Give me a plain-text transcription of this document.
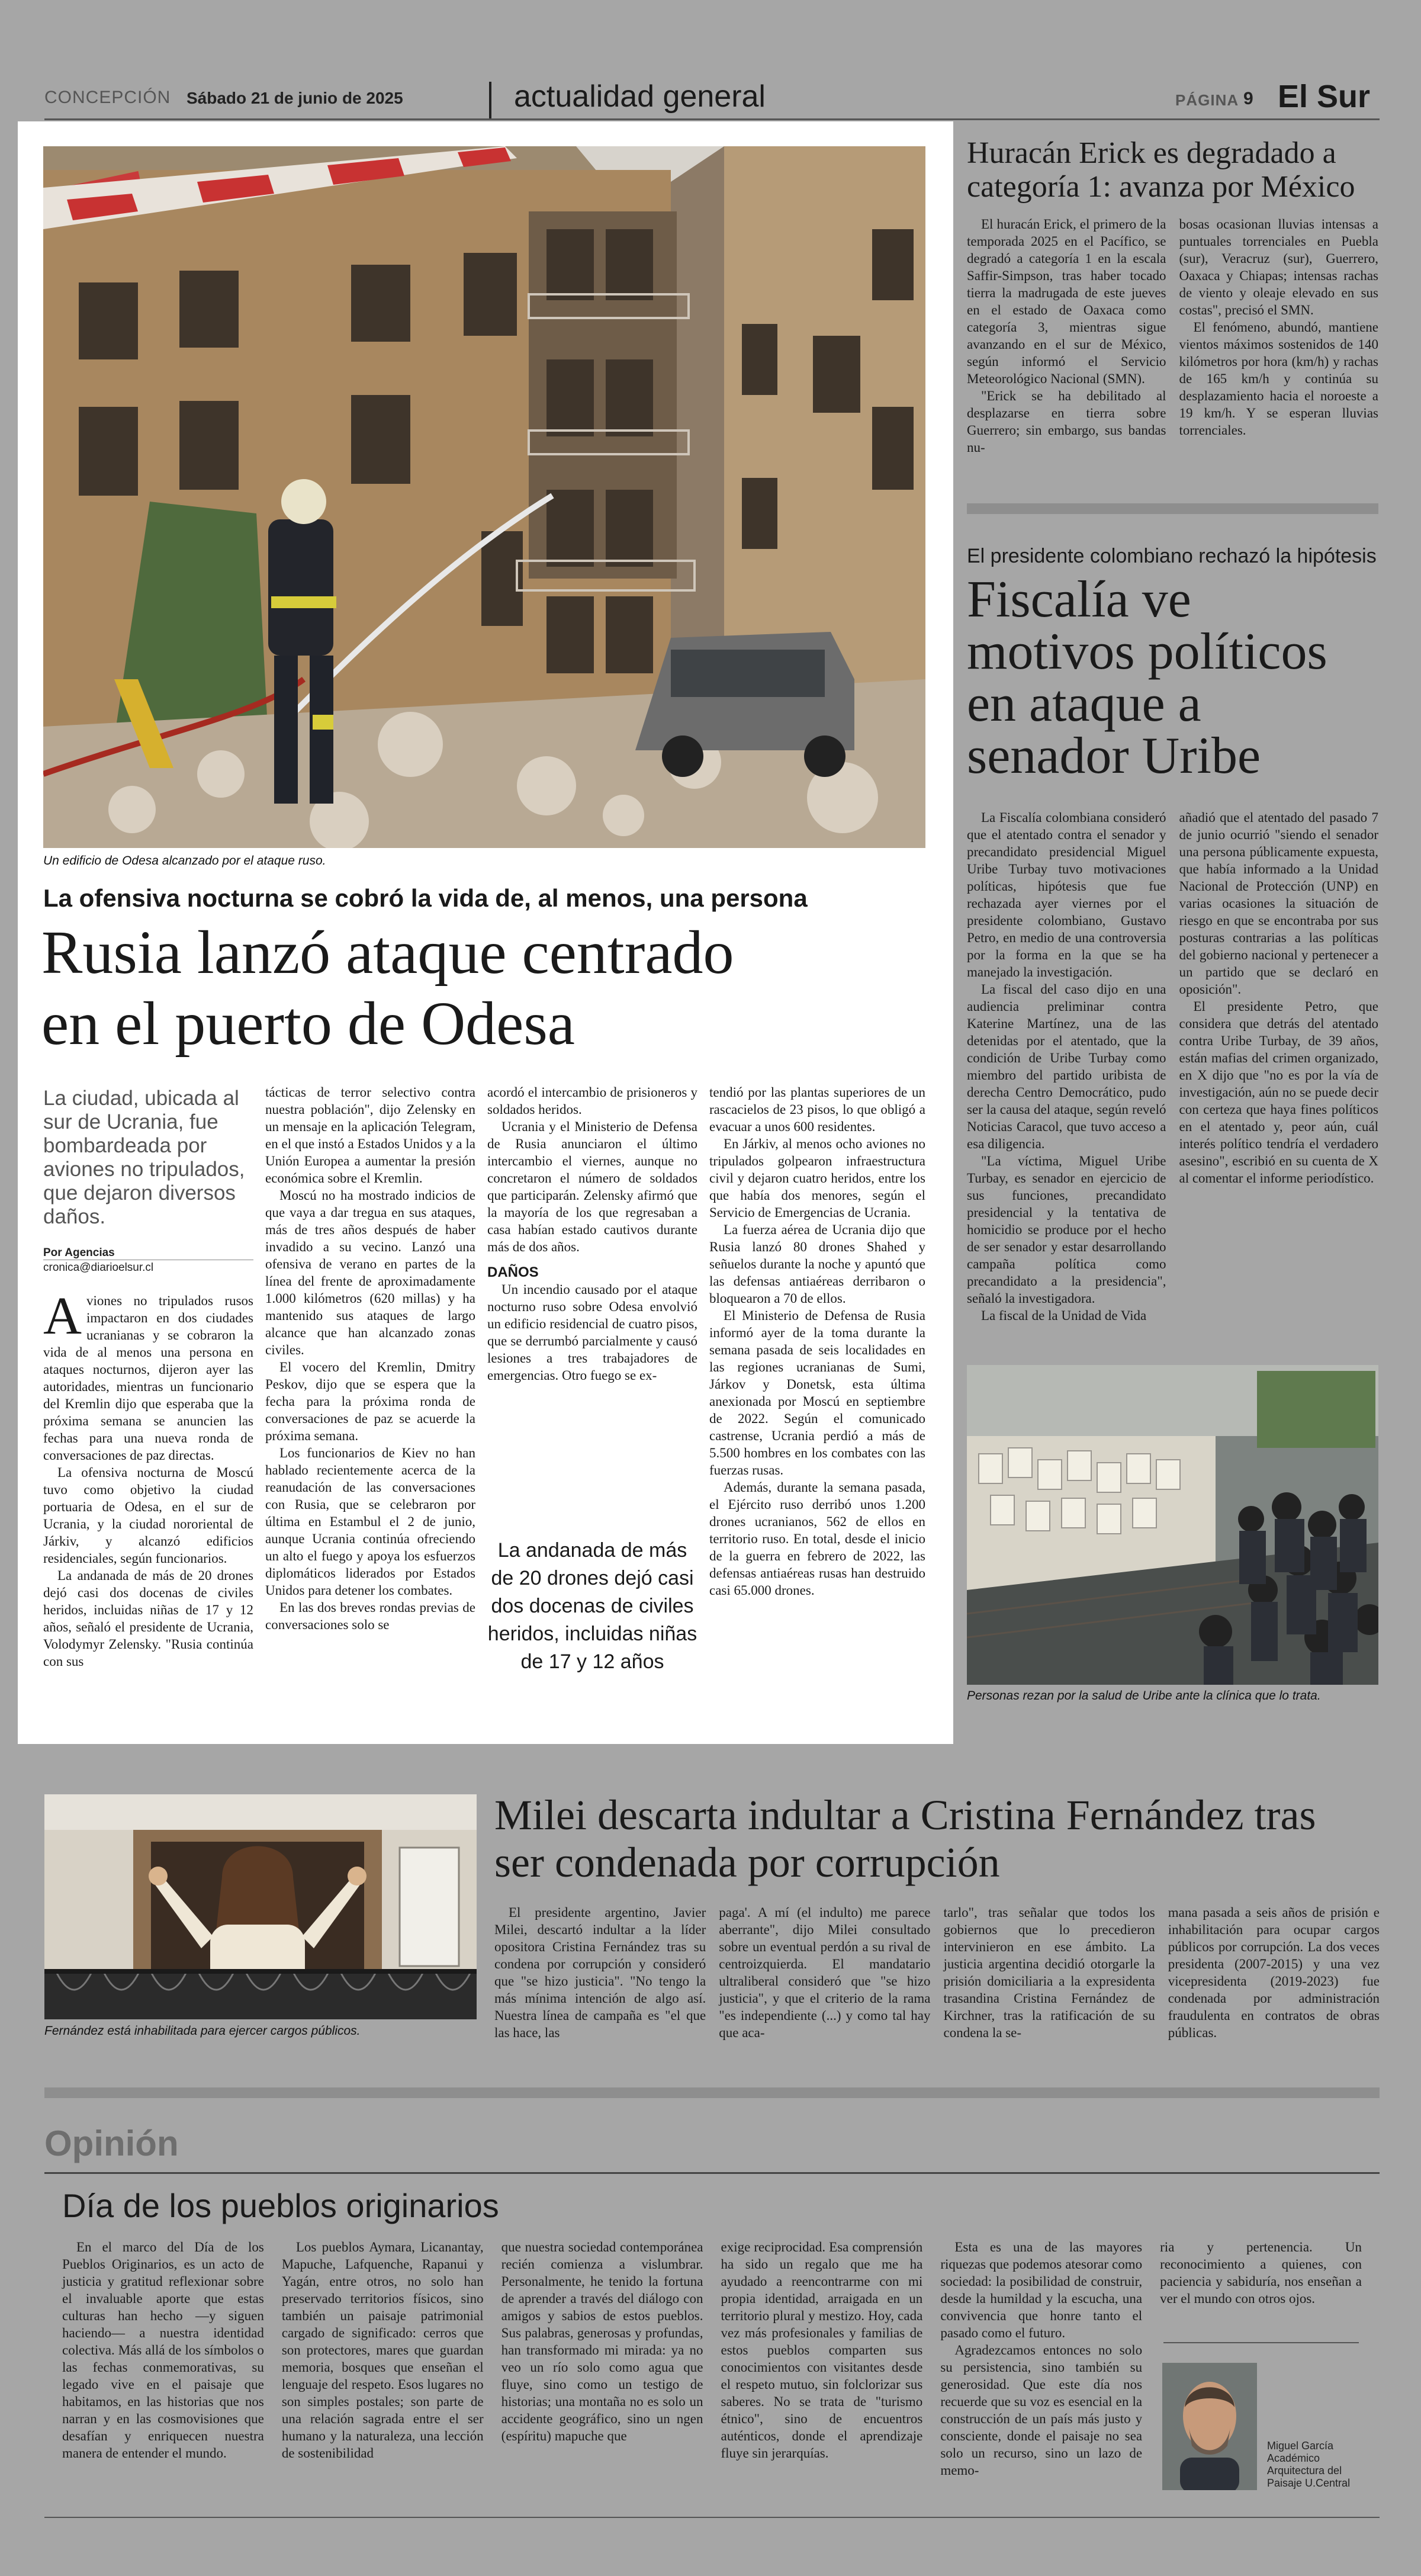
CONCEPCIÓN Sábado 21 de junio de 2025	actualidad general	PÁGINA 9 El Sur
Un edificio de Odesa alcanzado por el ataque ruso.
La ofensiva nocturna se cobró la vida de, al menos, una persona
Rusia lanzó ataque centrado
en el puerto de Odesa
La ciudad, ubicada al sur de Ucrania, fue bombardeada por aviones no tripulados, que dejaron diversos daños.
Por Agencias
cronica@diarioelsur.cl

Aviones no tripulados rusos impactaron en dos ciudades ucranianas y se cobraron la vida de al menos una persona en ataques nocturnos, dijeron ayer las autoridades, mientras un funcionario del Kremlin dijo que esperaba que la próxima semana se anuncien las fechas para una nueva ronda de conversaciones de paz directas.

La ofensiva nocturna de Moscú tuvo como objetivo la ciudad portuaria de Odesa, en el sur de Ucrania, y la ciudad nororiental de Járkiv, y alcanzó edificios residenciales, según funcionarios.

La andanada de más de 20 drones dejó casi dos docenas de civiles heridos, incluidas niñas de 17 y 12 años, señaló el presidente de Ucrania, Volodymyr Zelensky. "Rusia continúa con sus

tácticas de terror selectivo contra nuestra población", dijo Zelensky en un mensaje en la aplicación Telegram, en el que instó a Estados Unidos y a la Unión Europea a aumentar la presión económica sobre el Kremlin.

Moscú no ha mostrado indicios de que vaya a dar tregua en sus ataques, más de tres años después de haber invadido a su vecino. Lanzó una ofensiva de verano en partes de la línea del frente de aproximadamente 1.000 kilómetros (620 millas) y ha mantenido sus ataques de largo alcance que han alcanzado zonas civiles.

El vocero del Kremlin, Dmitry Peskov, dijo que se espera que la fecha para la próxima ronda de conversaciones de paz se acuerde la próxima semana.

Los funcionarios de Kiev no han hablado recientemente acerca de la reanudación de las conversaciones con Rusia, que se celebraron por última en Estambul el 2 de junio, aunque Ucrania continúa ofreciendo un alto el fuego y apoya los esfuerzos diplomáticos liderados por Estados Unidos para detener los combates.

En las dos breves rondas previas de conversaciones solo se

acordó el intercambio de prisioneros y soldados heridos.

Ucrania y el Ministerio de Defensa de Rusia anunciaron el último intercambio el viernes, aunque no concretaron el número de soldados que participarán. Zelensky afirmó que la mayoría de los que regresaban a casa habían estado cautivos durante más de dos años.

DAÑOS

Un incendio causado por el ataque nocturno ruso sobre Odesa envolvió un edificio residencial de cuatro pisos, que se derrumbó parcialmente y causó lesiones a tres trabajadores de emergencias. Otro fuego se ex-

La andanada de más de 20 drones dejó casi dos docenas de civiles heridos, incluidas niñas de 17 y 12 años

tendió por las plantas superiores de un rascacielos de 23 pisos, lo que obligó a evacuar a unos 600 residentes.

En Járkiv, al menos ocho aviones no tripulados golpearon infraestructura civil y dejaron cuatro heridos, entre los que había dos menores, según el Servicio de Emergencias de Ucrania.

La fuerza aérea de Ucrania dijo que Rusia lanzó 80 drones Shahed y señuelos durante la noche y apuntó que las defensas antiaéreas derribaron o bloquearon a 70 de ellos.

El Ministerio de Defensa de Rusia informó ayer de la toma durante la semana pasada de seis localidades en las regiones ucranianas de Sumi, Járkov y Donetsk, esta última anexionada por Moscú en septiembre de 2022. Según el comunicado castrense, Ucrania perdió a más de 5.500 hombres en los combates con las fuerzas rusas.

Además, durante la semana pasada, el Ejército ruso derribó unos 1.200 drones ucranianos, 562 de ellos en territorio ruso. En total, desde el inicio de la guerra en febrero de 2022, las defensas antiaéreas rusas han destruido casi 65.000 drones.

Huracán Erick es degradado a categoría 1: avanza por México

El huracán Erick, el primero de la temporada 2025 en el Pacífico, se degradó a categoría 1 en la escala Saffir-Simpson, tras haber tocado tierra la madrugada de este jueves en el estado de Oaxaca como categoría 3, mientras sigue avanzando en el sur de México, según informó el Servicio Meteorológico Nacional (SMN).

"Erick se ha debilitado al desplazarse en tierra sobre Guerrero; sin embargo, sus bandas nu-

bosas ocasionan lluvias intensas a puntuales torrenciales en Puebla (sur), Veracruz (sur), Guerrero, Oaxaca y Chiapas; intensas rachas de viento y oleaje elevado en sus costas", precisó el SMN.

El fenómeno, abundó, mantiene vientos máximos sostenidos de 140 kilómetros por hora (km/h) y rachas de 165 km/h y continúa su desplazamiento hacia el noroeste a 19 km/h. Y se esperan lluvias torrenciales.

El presidente colombiano rechazó la hipótesis
Fiscalía ve motivos políticos en ataque a senador Uribe

La Fiscalía colombiana consideró que el atentado contra el senador y precandidato presidencial Miguel Uribe Turbay tuvo motivaciones políticas, hipótesis que fue rechazada ayer viernes por el presidente colombiano, Gustavo Petro, en medio de una controversia por la forma en la que se ha manejado la investigación.

La fiscal del caso dijo en una audiencia preliminar contra Katerine Martínez, una de las detenidas por el atentado, que la condición de Uribe Turbay como miembro del partido uribista de derecha Centro Democrático, pudo ser la causa del ataque, según reveló Noticias Caracol, que tuvo acceso a esa diligencia.

"La víctima, Miguel Uribe Turbay, es senador en ejercicio de sus funciones, precandidato presidencial y la tentativa de homicidio se produce por el hecho de ser senador y estar desarrollando campaña política como precandidato a la presidencia", señaló la investigadora.

La fiscal de la Unidad de Vida

añadió que el atentado del pasado 7 de junio ocurrió "siendo el senador una persona públicamente expuesta, que había informado a la Unidad Nacional de Protección (UNP) en varias ocasiones la situación de riesgo en que se encontraba por sus posturas contrarias a las políticas del gobierno nacional y pertenecer a un partido que se declaró en oposición".

El presidente Petro, que considera que detrás del atentado contra Uribe Turbay, de 39 años, están mafias del crimen organizado, en X dijo que "no es por la vía de investigación, aún no se puede decir con certeza que haya fines políticos en el atentado y, peor aún, cuál interés político tendría el verdadero asesino", escribió en su cuenta de X al comentar el informe periodístico.

Personas rezan por la salud de Uribe ante la clínica que lo trata.
Fernández está inhabilitada para ejercer cargos públicos.
Milei descarta indultar a Cristina Fernández tras ser condenada por corrupción

El presidente argentino, Javier Milei, descartó indultar a la líder opositora Cristina Fernández tras su condena por corrupción y consideró que "se hizo justicia". "No tengo la más mínima intención de algo así. Nuestra línea de campaña es "el que las hace, las

paga'. A mí (el indulto) me parece aberrante", dijo Milei consultado sobre un eventual perdón a su rival de centroizquierda. El mandatario ultraliberal consideró que "se hizo justicia", y que el criterio de la rama "es independiente (...) y como tal hay que aca-

tarlo", tras señalar que todos los gobiernos que lo precedieron intervinieron en ese ámbito. La justicia argentina decidió otorgarle la prisión domiciliaria a la expresidenta trasandina Cristina Fernández de Kirchner, tras la ratificación de su condena la se-

mana pasada a seis años de prisión e inhabilitación para ocupar cargos públicos por corrupción. La dos veces presidenta (2007-2015) y una vez vicepresidenta (2019-2023) fue condenada por administración fraudulenta en contratos de obras públicas.

Opinión
Día de los pueblos originarios

En el marco del Día de los Pueblos Originarios, es un acto de justicia y gratitud reflexionar sobre el invaluable aporte que estas culturas han hecho —y siguen haciendo— a nuestra identidad colectiva. Más allá de los símbolos o las fechas conmemorativas, su legado vive en el paisaje que habitamos, en las historias que nos narran y en las cosmovisiones que desafían y enriquecen nuestra manera de entender el mundo.

Los pueblos Aymara, Licanantay, Mapuche, Lafquenche, Rapanui y Yagán, entre otros, no solo han preservado territorios físicos, sino también un paisaje patrimonial cargado de significado: cerros que son protectores, mares que guardan memoria, bosques que enseñan el lenguaje del respeto. Esos lugares no son simples postales; son parte de una relación sagrada entre el ser humano y la naturaleza, una lección de sostenibilidad

que nuestra sociedad contemporánea recién comienza a vislumbrar. Personalmente, he tenido la fortuna de aprender a través del diálogo con amigos y sabios de estos pueblos. Sus palabras, generosas y profundas, han transformado mi mirada: ya no veo un río solo como agua que fluye, sino como un testigo de historias; una montaña no es solo un accidente geográfico, sino un ngen (espíritu) mapuche que

exige reciprocidad. Esa comprensión ha sido un regalo que me ha ayudado a reencontrarme con mi propia identidad, arraigada en un territorio plural y mestizo. Hoy, cada vez más profesionales y familias de estos pueblos comparten sus conocimientos con visitantes desde el respeto mutuo, sin folclorizar sus saberes. No se trata de "turismo étnico", sino de encuentros auténticos, donde el aprendizaje fluye sin jerarquías.

Esta es una de las mayores riquezas que podemos atesorar como sociedad: la posibilidad de construir, desde la humildad y la escucha, una convivencia que honre tanto el pasado como el futuro.

Agradezcamos entonces no solo su persistencia, sino también su generosidad. Que este día nos recuerde que su voz es esencial en la construcción de un país más justo y consciente, donde el paisaje no sea solo un recurso, sino un lazo de memo-

ria y pertenencia. Un reconocimiento a quienes, con paciencia y sabiduría, nos enseñan a ver el mundo con otros ojos.

Miguel García
Académico
Arquitectura del
Paisaje U.Central
